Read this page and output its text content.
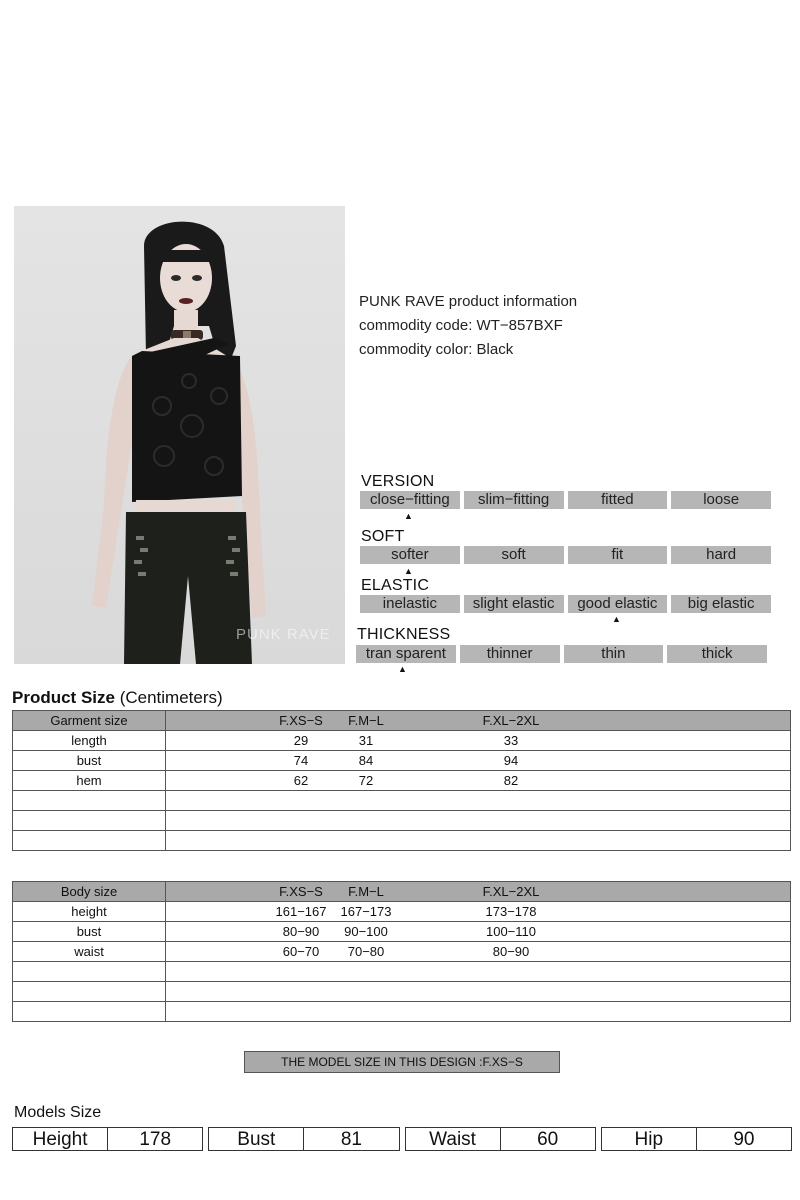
PUNK RAVE
PUNK RAVE product information
commodity code: WT−857BXF
commodity color: Black
VERSION
close−fitting	slim−fitting	fitted	loose
▲
SOFT
softer	soft	fit	hard
▲
ELASTIC
inelastic	slight elastic	good elastic	big elastic
▲
THICKNESS
tran sparent	thinner	thin	thick
▲
Product Size (Centimeters)
Garment size	F.XS−S F.M−L F.XL−2XL

length	29 31 33

bust	74 84 94

hem	62 72 82

Body size	F.XS−S F.M−L F.XL−2XL

height	161−167 167−173 173−178

bust	80−90 90−100 100−110

waist	60−70 70−80 80−90

THE MODEL SIZE IN THIS DESIGN :F.XS−S
Models Size
Height	178	Bust	81	Waist	60	Hip	90
